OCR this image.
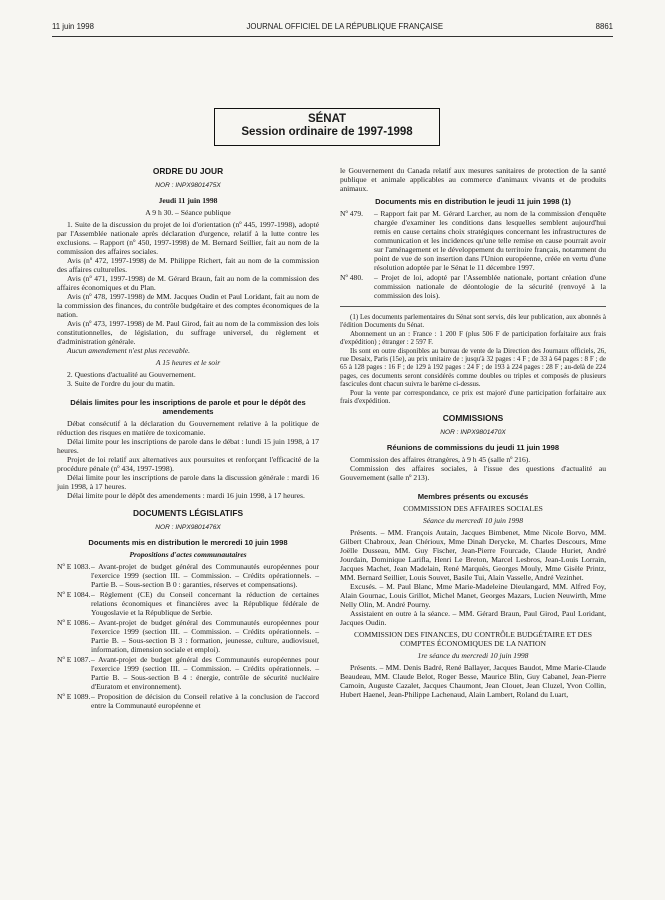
11 juin 1998	JOURNAL OFFICIEL DE LA RÉPUBLIQUE FRANÇAISE	8861
SÉNAT
Session ordinaire de 1997-1998
ORDRE DU JOUR
NOR : INPX9801475X
Jeudi 11 juin 1998
A 9 h 30. – Séance publique

1. Suite de la discussion du projet de loi d'orientation (nº 445, 1997-1998), adopté par l'Assemblée nationale après déclaration d'urgence, relatif à la lutte contre les exclusions. – Rapport (nº 450, 1997-1998) de M. Bernard Seillier, fait au nom de la commission des affaires sociales.

Avis (nº 472, 1997-1998) de M. Philippe Richert, fait au nom de la commission des affaires culturelles.

Avis (nº 471, 1997-1998) de M. Gérard Braun, fait au nom de la commission des affaires économiques et du Plan.

Avis (nº 478, 1997-1998) de MM. Jacques Oudin et Paul Loridant, fait au nom de la commission des finances, du contrôle budgétaire et des comptes économiques de la nation.

Avis (nº 473, 1997-1998) de M. Paul Girod, fait au nom de la commission des lois constitutionnelles, de législation, du suffrage universel, du règlement et d'administration générale.

Aucun amendement n'est plus recevable.

A 15 heures et le soir

2. Questions d'actualité au Gouvernement.

3. Suite de l'ordre du jour du matin.

Délais limites pour les inscriptions de parole et pour le dépôt des amendements

Débat consécutif à la déclaration du Gouvernement relative à la politique de réduction des risques en matière de toxicomanie.

Délai limite pour les inscriptions de parole dans le débat : lundi 15 juin 1998, à 17 heures.

Projet de loi relatif aux alternatives aux poursuites et renforçant l'efficacité de la procédure pénale (nº 434, 1997-1998).

Délai limite pour les inscriptions de parole dans la discussion générale : mardi 16 juin 1998, à 17 heures.

Délai limite pour le dépôt des amendements : mardi 16 juin 1998, à 17 heures.

DOCUMENTS LÉGISLATIFS
NOR : INPX9801476X
Documents mis en distribution le mercredi 10 juin 1998
Propositions d'actes communautaires
Nº E 1083. – Avant-projet de budget général des Communautés européennes pour l'exercice 1999 (section III. – Commission. – Crédits opérationnels. – Partie B. – Sous-section B 0 : garanties, réserves et compensations).
Nº E 1084. – Règlement (CE) du Conseil concernant la réduction de certaines relations économiques et financières avec la République fédérale de Yougoslavie et la République de Serbie.
Nº E 1086. – Avant-projet de budget général des Communautés européennes pour l'exercice 1999 (section III. – Commission. – Crédits opérationnels. – Partie B. – Sous-section B 3 : formation, jeunesse, culture, audiovisuel, information, dimension sociale et emploi).
Nº E 1087. – Avant-projet de budget général des Communautés européennes pour l'exercice 1999 (section III. – Commission. – Crédits opérationnels. – Partie B. – Sous-section B 4 : énergie, contrôle de sécurité nucléaire d'Euratom et environnement).
Nº E 1089. – Proposition de décision du Conseil relative à la conclusion de l'accord entre la Communauté européenne et

le Gouvernement du Canada relatif aux mesures sanitaires de protection de la santé publique et animale applicables au commerce d'animaux vivants et de produits animaux.

Documents mis en distribution le jeudi 11 juin 1998 (1)
Nº 479.	– Rapport fait par M. Gérard Larcher, au nom de la commission d'enquête chargée d'examiner les conditions dans lesquelles semblent aujourd'hui remis en cause certains choix stratégiques concernant les infrastructures de communication et les incidences qu'une telle remise en cause pourrait avoir sur l'aménagement et le développement du territoire français, notamment du point de vue de son insertion dans l'Union européenne, créée en vertu d'une résolution adoptée par le Sénat le 11 décembre 1997.
Nº 480.	– Projet de loi, adopté par l'Assemblée nationale, portant création d'une commission nationale de déontologie de la sécurité (renvoyé à la commission des lois).

(1) Les documents parlementaires du Sénat sont servis, dès leur publication, aux abonnés à l'édition Documents du Sénat.

Abonnement un an : France : 1 200 F (plus 506 F de participation forfaitaire aux frais d'expédition) ; étranger : 2 597 F.

Ils sont en outre disponibles au bureau de vente de la Direction des Journaux officiels, 26, rue Desaix, Paris (15e), au prix unitaire de : jusqu'à 32 pages : 4 F ; de 33 à 64 pages : 8 F ; de 65 à 128 pages : 16 F ; de 129 à 192 pages : 24 F ; de 193 à 224 pages : 28 F ; au-delà de 224 pages, ces documents seront considérés comme doubles ou triples et composés de plusieurs fascicules dont chacun suivra le barème ci-dessus.

Pour la vente par correspondance, ce prix est majoré d'une participation forfaitaire aux frais d'expédition.

COMMISSIONS
NOR : INPX9801470X
Réunions de commissions du jeudi 11 juin 1998

Commission des affaires étrangères, à 9 h 45 (salle nº 216).

Commission des affaires sociales, à l'issue des questions d'actualité au Gouvernement (salle nº 213).

Membres présents ou excusés
COMMISSION DES AFFAIRES SOCIALES
Séance du mercredi 10 juin 1998

Présents. – MM. François Autain, Jacques Bimbenet, Mme Nicole Borvo, MM. Gilbert Chabroux, Jean Chérioux, Mme Dinah Derycke, M. Charles Descours, Mme Joëlle Dusseau, MM. Guy Fischer, Jean-Pierre Fourcade, Claude Huriet, André Jourdain, Dominique Larifla, Henri Le Breton, Marcel Lesbros, Jean-Louis Lorrain, Jacques Machet, Jean Madelain, René Marquès, Georges Mouly, Mme Gisèle Printz, MM. Bernard Seillier, Louis Souvet, Basile Tui, Alain Vasselle, André Vezinhet.

Excusés. – M. Paul Blanc, Mme Marie-Madeleine Dieulangard, MM. Alfred Foy, Alain Gournac, Louis Grillot, Michel Manet, Georges Mazars, Lucien Neuwirth, Mme Nelly Olin, M. André Pourny.

Assistaient en outre à la séance. – MM. Gérard Braun, Paul Girod, Paul Loridant, Jacques Oudin.

COMMISSION DES FINANCES, DU CONTRÔLE BUDGÉTAIRE ET DES COMPTES ÉCONOMIQUES DE LA NATION
1re séance du mercredi 10 juin 1998

Présents. – MM. Denis Badré, René Ballayer, Jacques Baudot, Mme Marie-Claude Beaudeau, MM. Claude Belot, Roger Besse, Maurice Blin, Guy Cabanel, Jean-Pierre Camoin, Auguste Cazalet, Jacques Chaumont, Jean Clouet, Jean Cluzel, Yvon Collin, Hubert Haenel, Jean-Philippe Lachenaud, Alain Lambert, Roland du Luart,
